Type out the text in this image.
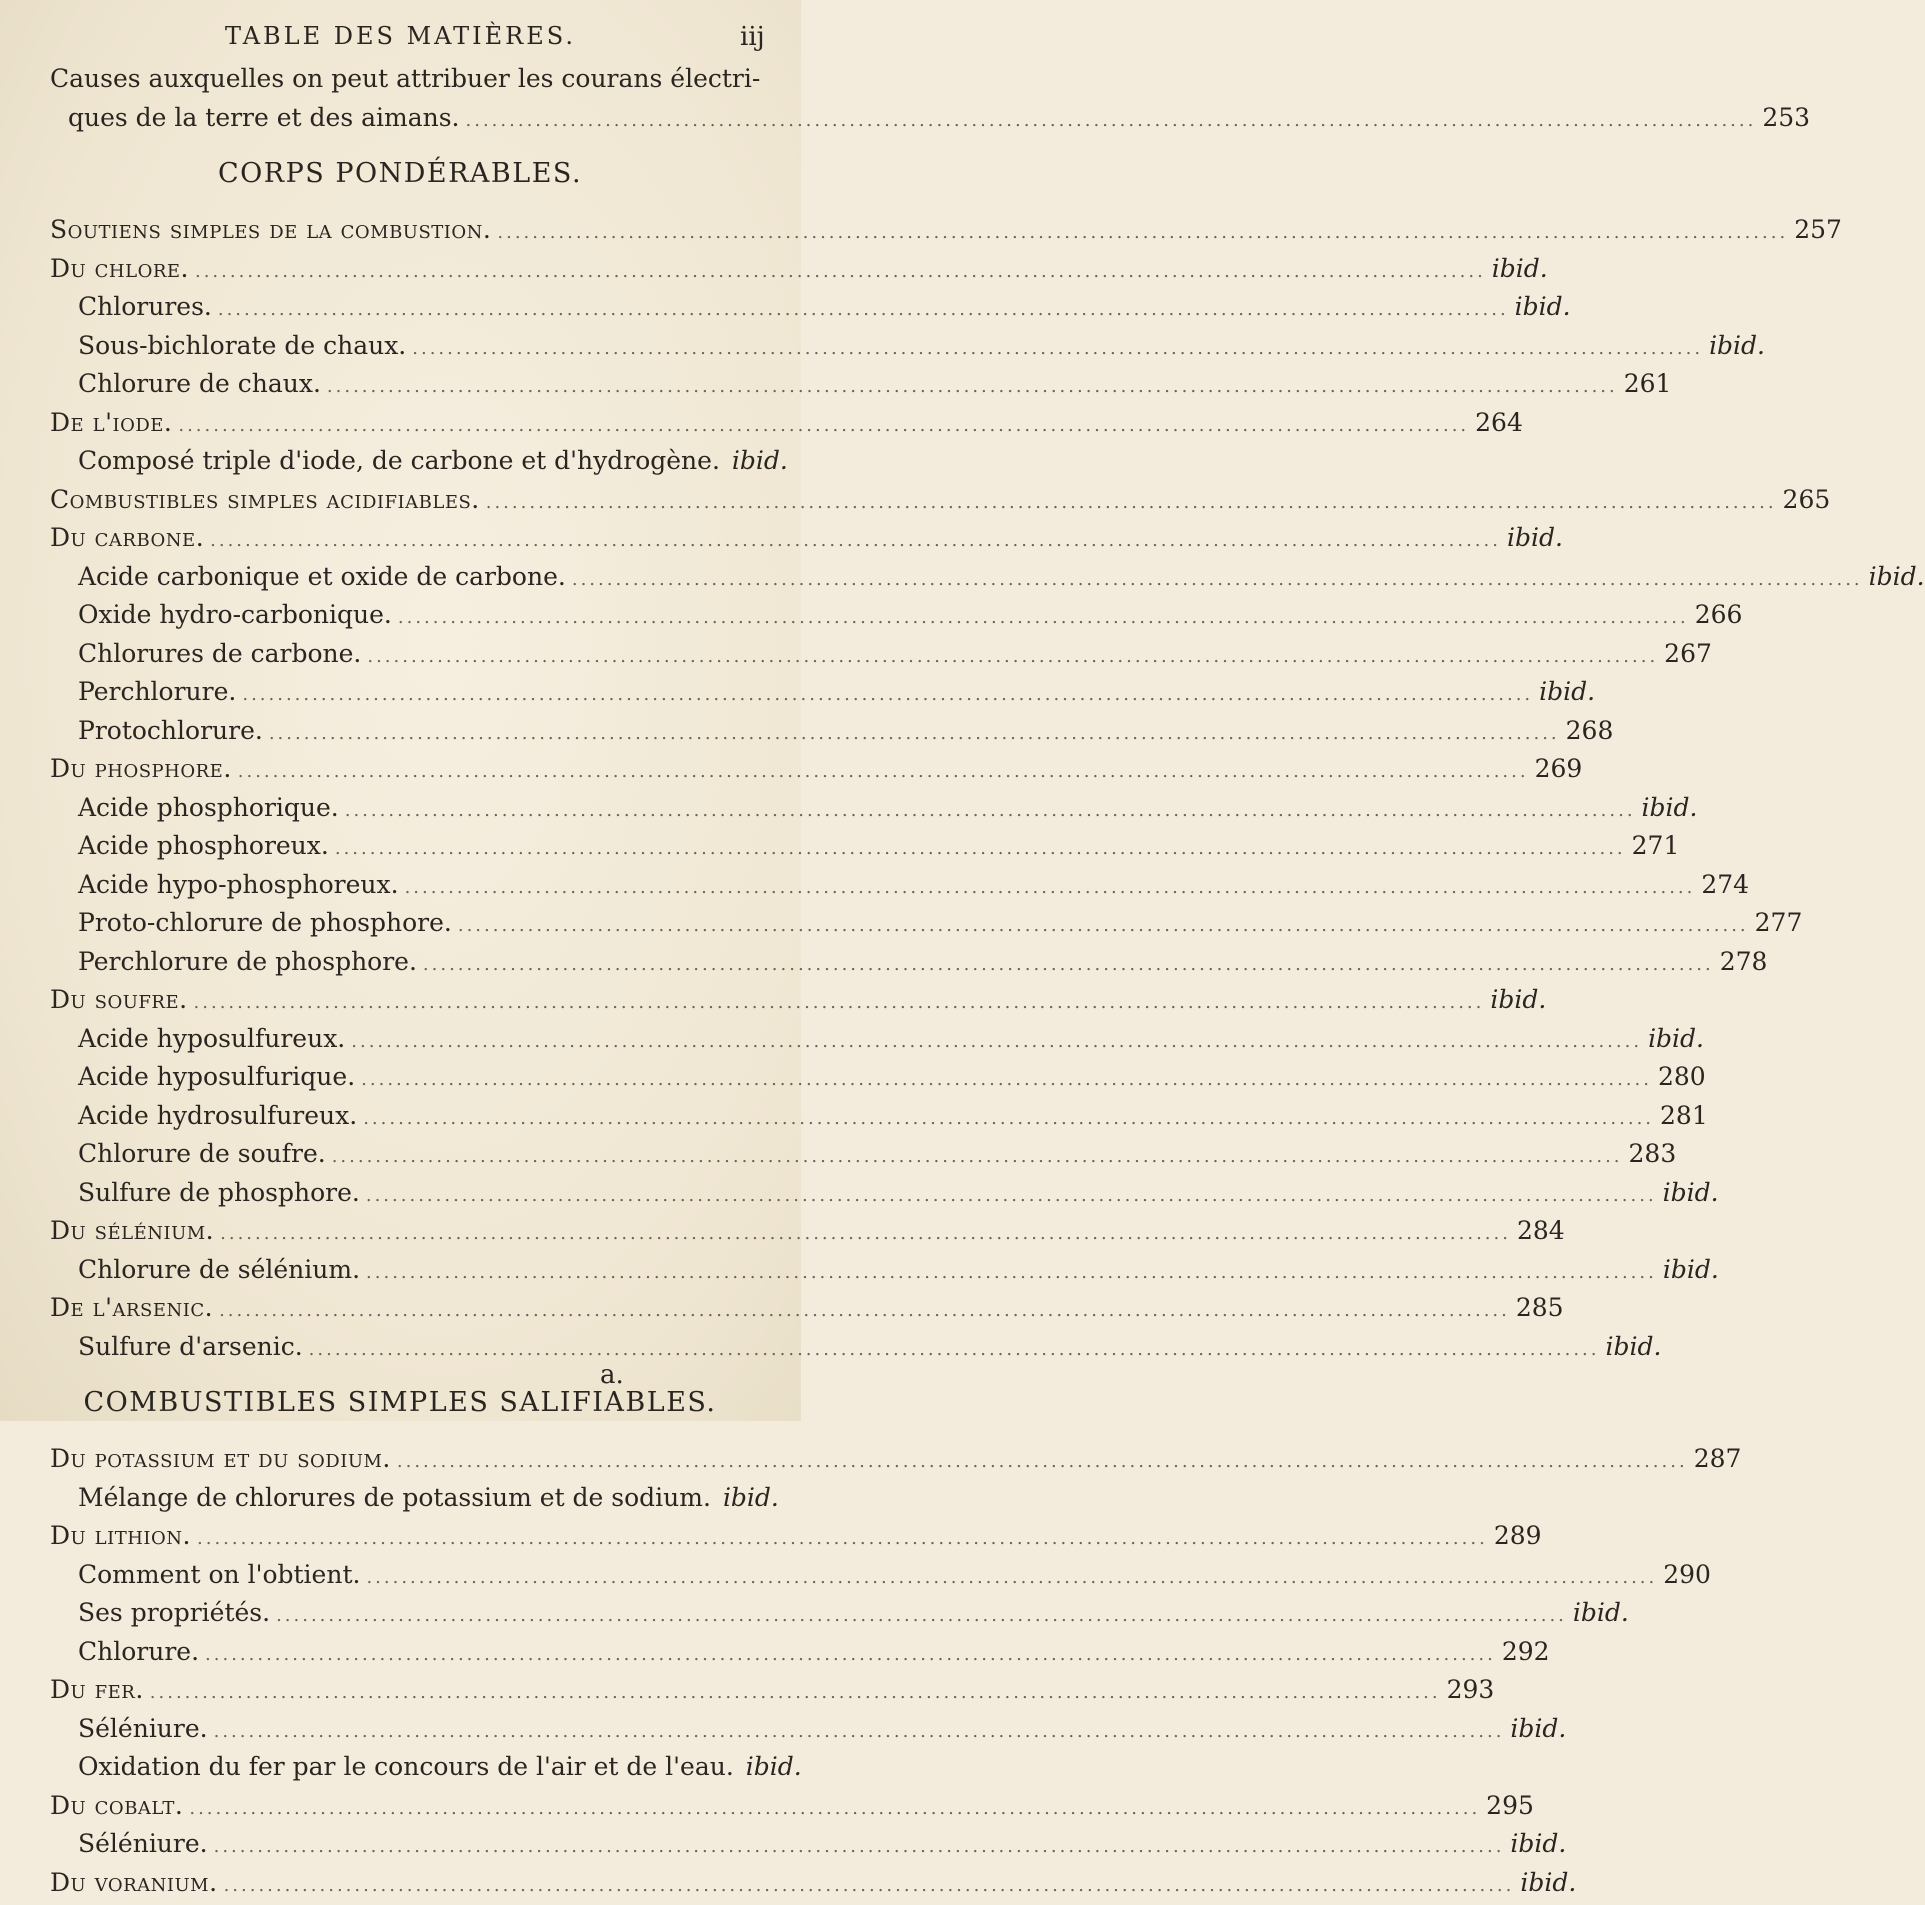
TABLE DES MATIÈRES.	iij
Causes auxquelles on peut attribuer les courans électri-
ques de la terre et des aimans. .....	253
CORPS PONDÉRABLES.
Soutiens simples de la combustion. .....	257
Du chlore. .....	ibid.
Chlorures. .....	ibid.
Sous-bichlorate de chaux. .....	ibid.
Chlorure de chaux. .....	261
De l'iode. .....	264
Composé triple d'iode, de carbone et d'hydrogène. ibid.
Combustibles simples acidifiables. .....	265
Du carbone. .....	ibid.
Acide carbonique et oxide de carbone. .....	ibid.
Oxide hydro-carbonique. .....	266
Chlorures de carbone. .....	267
Perchlorure. .....	ibid.
Protochlorure. .....	268
Du phosphore. .....	269
Acide phosphorique. .....	ibid.
Acide phosphoreux. .....	271
Acide hypo-phosphoreux. .....	274
Proto-chlorure de phosphore. .....	277
Perchlorure de phosphore. .....	278
Du soufre. .....	ibid.
Acide hyposulfureux. .....	ibid.
Acide hyposulfurique. .....	280
Acide hydrosulfureux. .....	281
Chlorure de soufre. .....	283
Sulfure de phosphore. .....	ibid.
Du sélénium. .....	284
Chlorure de sélénium. .....	ibid.
De l'arsenic. .....	285
Sulfure d'arsenic. .....	ibid.
COMBUSTIBLES SIMPLES SALIFIABLES.
Du potassium et du sodium. .....	287
Mélange de chlorures de potassium et de sodium. ibid.
Du lithion. .....	289
Comment on l'obtient. .....	290
Ses propriétés. .....	ibid.
Chlorure. .....	292
Du fer. .....	293
Séléniure. .....	ibid.
Oxidation du fer par le concours de l'air et de l'eau. ibid.
Du cobalt. .....	295
Séléniure. .....	ibid.
Du voranium. .....	ibid.
a.
